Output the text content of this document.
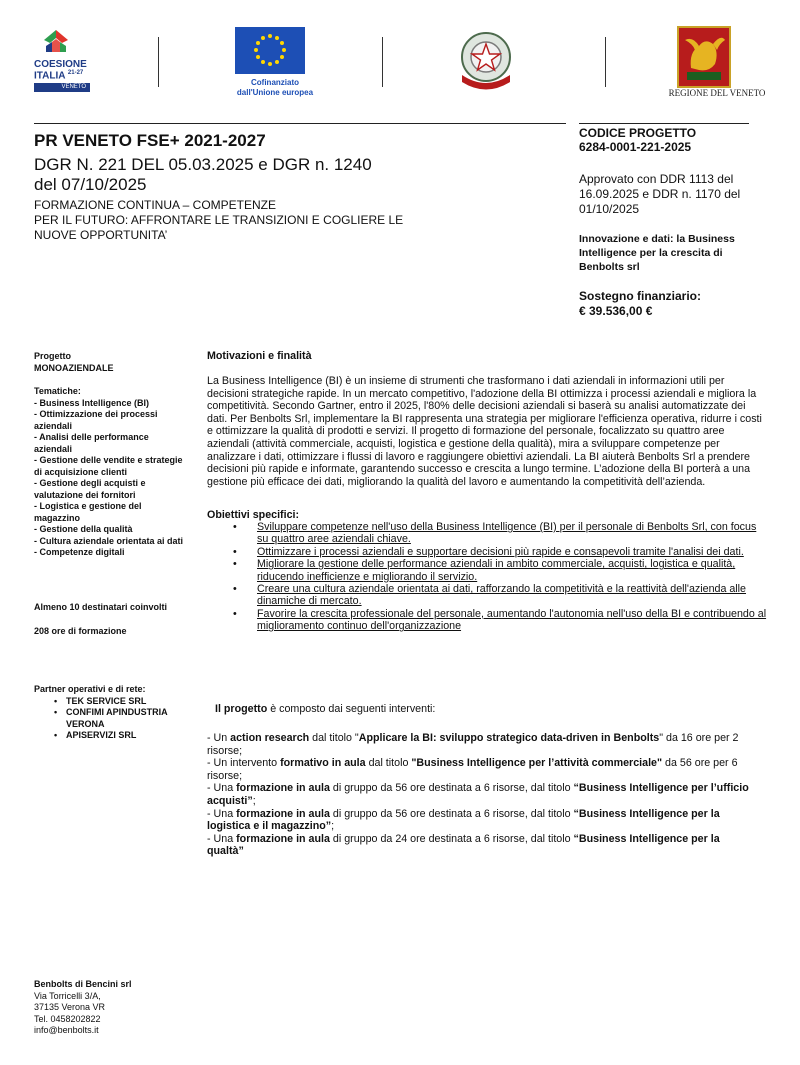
COESIONE
ITALIA $^{21-27}$
VENETO	Cofinanziato
dall'Unione europea	REGIONE DEL VENETO
PR VENETO FSE+ 2021-2027
DGR N. 221 DEL 05.03.2025 e DGR n. 1240 del 07/10/2025
FORMAZIONE CONTINUA – COMPETENZE
PER IL FUTURO: AFFRONTARE LE TRANSIZIONI E COGLIERE LE
NUOVE OPPORTUNITA’
CODICE PROGETTO
6284-0001-221-2025
Approvato con DDR 1113 del 16.09.2025 e DDR n. 1170 del 01/10/2025
Innovazione e dati: la Business Intelligence per la crescita di Benbolts srl
Sostegno finanziario:
€ 39.536,00 €

Progetto

MONOAZIENDALE

Tematiche:

- Business Intelligence (BI)

- Ottimizzazione dei processi aziendali

- Analisi delle performance aziendali

- Gestione delle vendite e strategie di acquisizione clienti

- Gestione degli acquisti e valutazione dei fornitori

- Logistica e gestione del magazzino

- Gestione della qualità

- Cultura aziendale orientata ai dati

- Competenze digitali

Almeno 10 destinatari coinvolti
208 ore di formazione

Partner operativi e di rete:

• TEK SERVICE SRL
• CONFIMI APINDUSTRIA VERONA
• APISERVIZI SRL
Benbolts di Bencini srl
Via Torricelli 3/A,
37135 Verona VR
Tel. 0458202822
info@benbolts.it
Motivazioni e finalità

La Business Intelligence (BI) è un insieme di strumenti che trasformano i dati aziendali in informazioni utili per decisioni strategiche rapide. In un mercato competitivo, l'adozione della BI ottimizza i processi aziendali e migliora la competitività. Secondo Gartner, entro il 2025, l'80% delle decisioni aziendali si baserà su analisi automatizzate dei dati. Per Benbolts Srl, implementare la BI rappresenta una strategia per migliorare l'efficienza operativa, ridurre i costi e ottimizzare la qualità di prodotti e servizi. Il progetto di formazione del personale, focalizzato su quattro aree aziendali (attività commerciale, acquisti, logistica e gestione della qualità), mira a sviluppare competenze per analizzare i dati, ottimizzare i flussi di lavoro e raggiungere obiettivi aziendali. La BI aiuterà Benbolts Srl a prendere decisioni più rapide e informate, garantendo successo e crescita a lungo termine. L’adozione della BI porterà a una gestione più efficace dei dati, migliorando la qualità del lavoro e aumentando la competitività dell’azienda.

Obiettivi specifici:
• Sviluppare competenze nell'uso della Business Intelligence (BI) per il personale di Benbolts Srl, con focus su quattro aree aziendali chiave.
• Ottimizzare i processi aziendali e supportare decisioni più rapide e consapevoli tramite l'analisi dei dati.
• Migliorare la gestione delle performance aziendali in ambito commerciale, acquisti, logistica e qualità, riducendo inefficienze e migliorando il servizio.
• Creare una cultura aziendale orientata ai dati, rafforzando la competitività e la reattività dell'azienda alle dinamiche di mercato.
• Favorire la crescita professionale del personale, aumentando l'autonomia nell'uso della BI e contribuendo al miglioramento continuo dell'organizzazione
Il progetto è composto dai seguenti interventi:

- Un action research dal titolo "Applicare la BI: sviluppo strategico data-driven in Benbolts" da 16 ore per 2 risorse;

- Un intervento formativo in aula dal titolo "Business Intelligence per l’attività commerciale" da 56 ore per 6 risorse;

- Una formazione in aula di gruppo da 56 ore destinata a 6 risorse, dal titolo “Business Intelligence per l’ufficio acquisti”;

- Una formazione in aula di gruppo da 56 ore destinata a 6 risorse, dal titolo “Business Intelligence per la logistica e il magazzino”;

- Una formazione in aula di gruppo da 24 ore destinata a 6 risorse, dal titolo “Business Intelligence per la qualtà”
